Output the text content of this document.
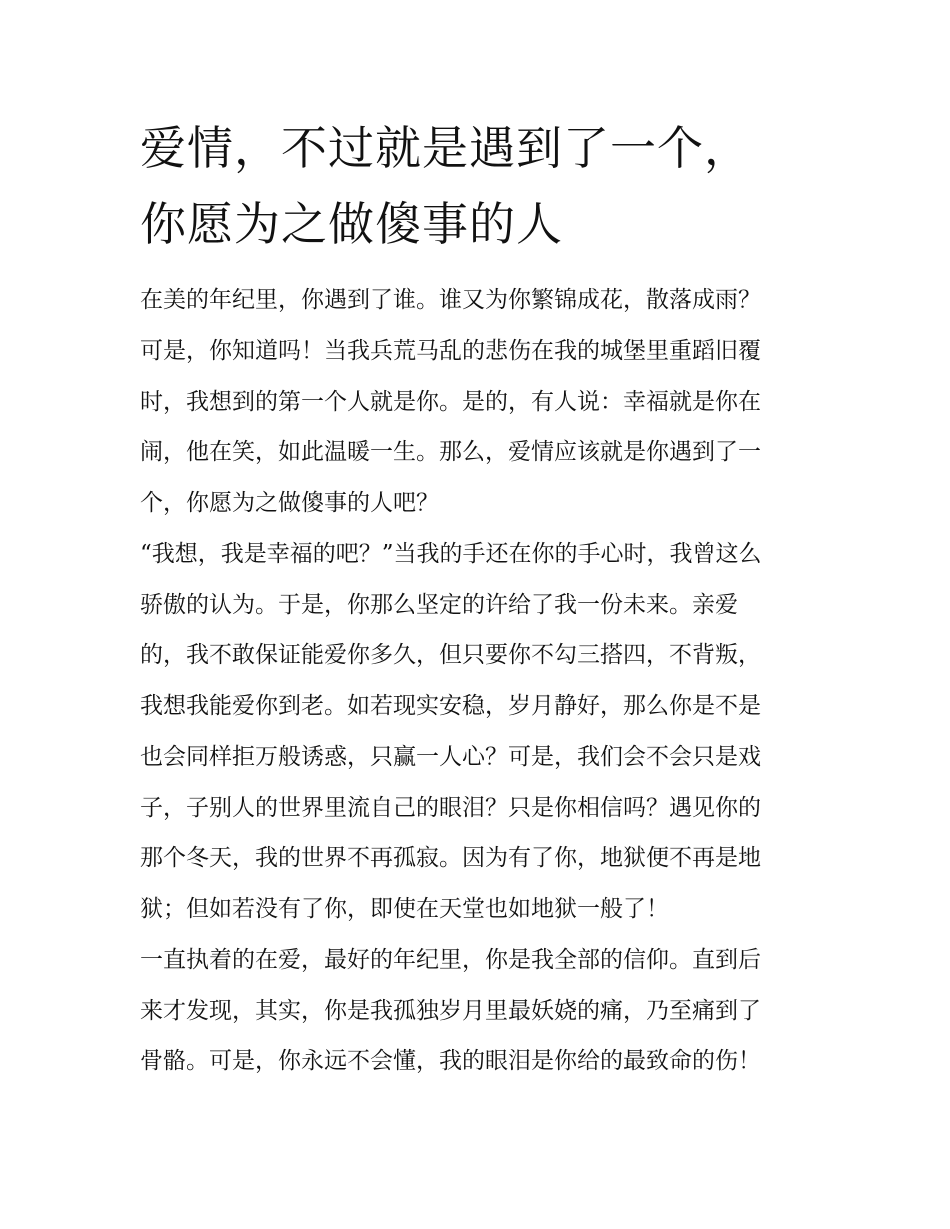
爱情，不过就是遇到了一个，
你愿为之做傻事的人
在美的年纪里，你遇到了谁。谁又为你繁锦成花，散落成雨？
可是，你知道吗！当我兵荒马乱的悲伤在我的城堡里重蹈旧覆
时，我想到的第一个人就是你。是的，有人说：幸福就是你在
闹，他在笑，如此温暖一生。那么，爱情应该就是你遇到了一
个，你愿为之做傻事的人吧？
“我想，我是幸福的吧？”当我的手还在你的手心时，我曾这么
骄傲的认为。于是，你那么坚定的许给了我一份未来。亲爱
的，我不敢保证能爱你多久，但只要你不勾三搭四，不背叛，
我想我能爱你到老。如若现实安稳，岁月静好，那么你是不是
也会同样拒万般诱惑，只赢一人心？可是，我们会不会只是戏
子，子别人的世界里流自己的眼泪？只是你相信吗？遇见你的
那个冬天，我的世界不再孤寂。因为有了你，地狱便不再是地
狱；但如若没有了你，即使在天堂也如地狱一般了！
一直执着的在爱，最好的年纪里，你是我全部的信仰。直到后
来才发现，其实，你是我孤独岁月里最妖娆的痛，乃至痛到了
骨骼。可是，你永远不会懂，我的眼泪是你给的最致命的伤！
